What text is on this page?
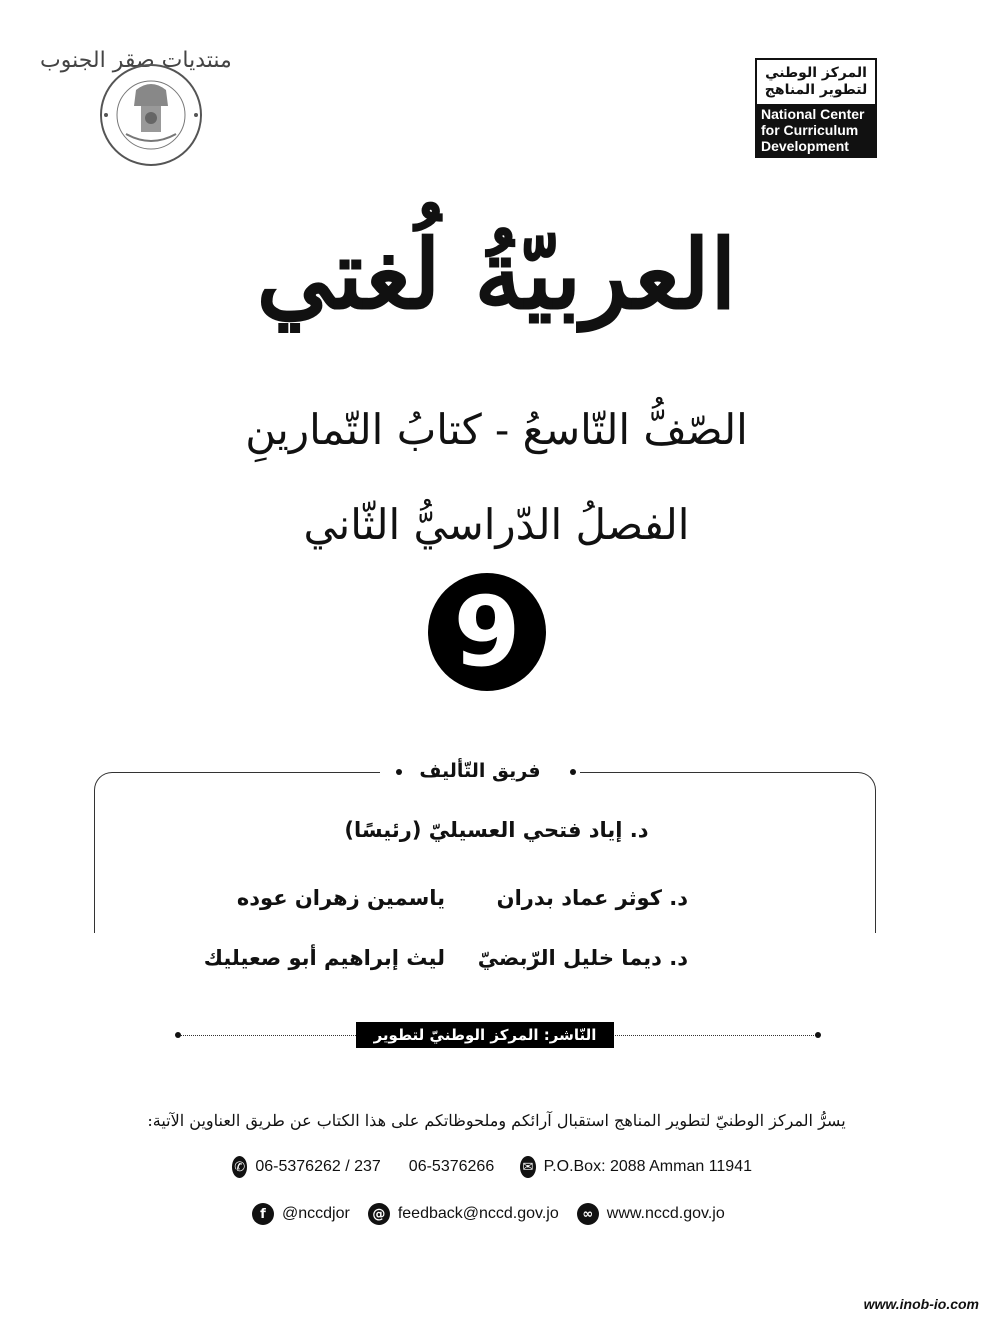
منتديات صقر الجنوب	المركز الوطني
لتطوير المناهج
National Center
for Curriculum
Development
العربيّةُ لُغتي
الصّفُّ التّاسعُ - كتابُ التّمارينِ
الفصلُ الدّراسيُّ الثّاني
9
فريق التّأليف
د. إياد فتحي العسيليّ (رئيسًا)
د. كوثر عماد بدران
ياسمين زهران عوده
د. ديما خليل الرّبضيّ
ليث إبراهيم أبو صعيليك
النّاشر: المركز الوطنيّ لتطوير المناهج
يسرُّ المركز الوطنيّ لتطوير المناهج استقبال آرائكم وملحوظاتكم على هذا الكتاب عن طريق العناوين الآتية:
✆ 06-5376262 / 237 06-5376266 ✉ P.O.Box: 2088 Amman 11941
f	@nccdjor	@ feedback@nccd.gov.jo	∞ www.nccd.gov.jo
www.inob-io.com
